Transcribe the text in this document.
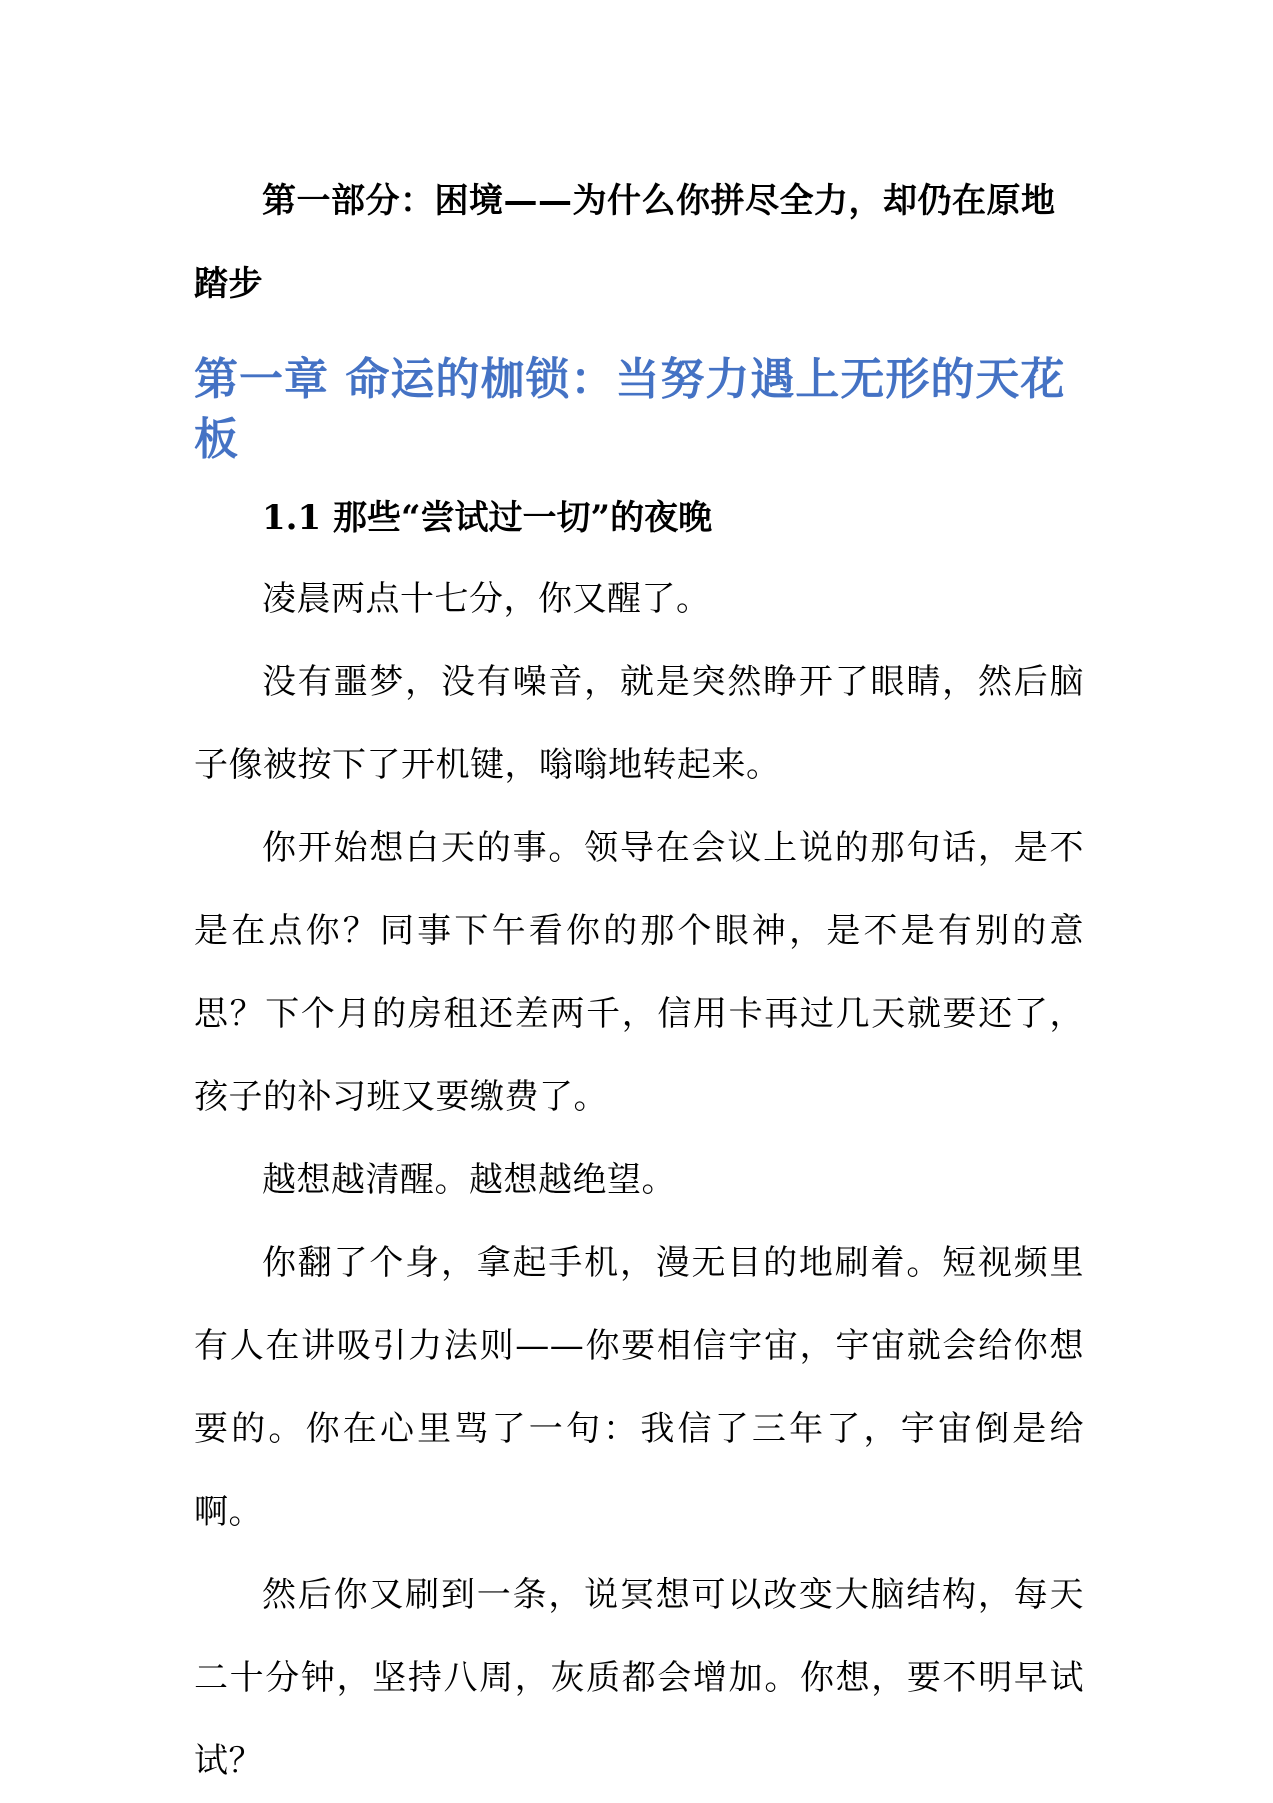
第一部分：困境——为什么你拼尽全力，却仍在原地踏步

第一章 命运的枷锁：当努力遇上无形的天花板
1.1 那些“尝试过一切”的夜晚

凌晨两点十七分，你又醒了。

没有噩梦，没有噪音，就是突然睁开了眼睛，然后脑子像被按下了开机键，嗡嗡地转起来。

你开始想白天的事。领导在会议上说的那句话，是不是在点你？同事下午看你的那个眼神，是不是有别的意思？下个月的房租还差两千，信用卡再过几天就要还了，孩子的补习班又要缴费了。

越想越清醒。越想越绝望。

你翻了个身，拿起手机，漫无目的地刷着。短视频里有人在讲吸引力法则——你要相信宇宙，宇宙就会给你想要的。你在心里骂了一句：我信了三年了，宇宙倒是给啊。

然后你又刷到一条，说冥想可以改变大脑结构，每天二十分钟，坚持八周，灰质都会增加。你想，要不明早试试？
